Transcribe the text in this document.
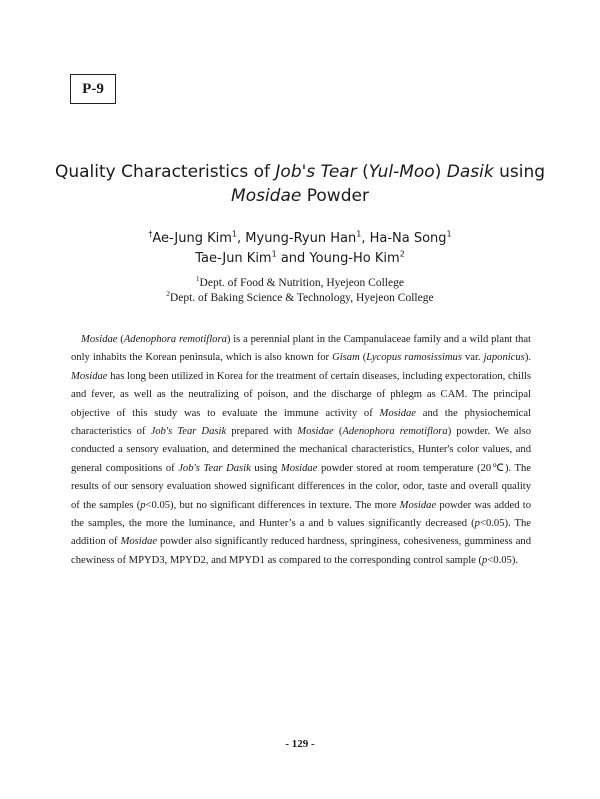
P-9
Quality Characteristics of Job's Tear (Yul-Moo) Dasik using
Mosidae Powder
†Ae-Jung Kim$^1$, Myung-Ryun Han$^1$, Ha-Na Song$^1$
Tae-Jun Kim$^1$ and Young-Ho Kim$^2$
$^1$Dept. of Food & Nutrition, Hyejeon College
$^2$Dept. of Baking Science & Technology, Hyejeon College
Mosidae (Adenophora remotiflora) is a perennial plant in the Campanulaceae family and a wild plant that only inhabits the Korean peninsula, which is also known for Gisam (Lycopus ramosissimus var. japonicus). Mosidae has long been utilized in Korea for the treatment of certain diseases, including expectoration, chills and fever, as well as the neutralizing of poison, and the discharge of phlegm as CAM. The principal objective of this study was to evaluate the immune activity of Mosidae and the physiochemical characteristics of Job's Tear Dasik prepared with Mosidae (Adenophora remotiflora) powder. We also conducted a sensory evaluation, and determined the mechanical characteristics, Hunter's color values, and general compositions of Job's Tear Dasik using Mosidae powder stored at room temperature (20℃). The results of our sensory evaluation showed significant differences in the color, odor, taste and overall quality of the samples (p<0.05), but no significant differences in texture. The more Mosidae powder was added to the samples, the more the luminance, and Hunter’s a and b values significantly decreased (p<0.05). The addition of Mosidae powder also significantly reduced hardness, springiness, cohesiveness, gumminess and chewiness of MPYD3, MPYD2, and MPYD1 as compared to the corresponding control sample (p<0.05).
- 129 -
